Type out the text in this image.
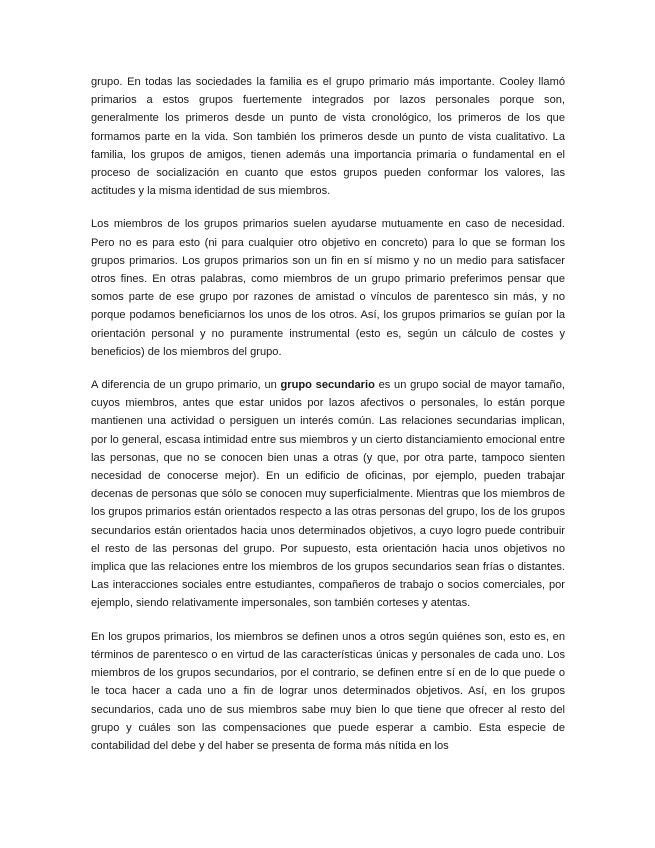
grupo. En todas las sociedades la familia es el grupo primario más importante. Cooley llamó primarios a estos grupos fuertemente integrados por lazos personales porque son, generalmente los primeros desde un punto de vista cronológico, los primeros de los que formamos parte en la vida. Son también los primeros desde un punto de vista cualitativo. La familia, los grupos de amigos, tienen además una importancia primaria o fundamental en el proceso de socialización en cuanto que estos grupos pueden conformar los valores, las actitudes y la misma identidad de sus miembros.

Los miembros de los grupos primarios suelen ayudarse mutuamente en caso de necesidad. Pero no es para esto (ni para cualquier otro objetivo en concreto) para lo que se forman los grupos primarios. Los grupos primarios son un fin en sí mismo y no un medio para satisfacer otros fines. En otras palabras, como miembros de un grupo primario preferimos pensar que somos parte de ese grupo por razones de amistad o vínculos de parentesco sin más, y no porque podamos beneficiarnos los unos de los otros. Así, los grupos primarios se guían por la orientación personal y no puramente instrumental (esto es, según un cálculo de costes y beneficios) de los miembros del grupo.

A diferencia de un grupo primario, un grupo secundario es un grupo social de mayor tamaño, cuyos miembros, antes que estar unidos por lazos afectivos o personales, lo están porque mantienen una actividad o persiguen un interés común. Las relaciones secundarias implican, por lo general, escasa intimidad entre sus miembros y un cierto distanciamiento emocional entre las personas, que no se conocen bien unas a otras (y que, por otra parte, tampoco sienten necesidad de conocerse mejor). En un edificio de oficinas, por ejemplo, pueden trabajar decenas de personas que sólo se conocen muy superficialmente. Mientras que los miembros de los grupos primarios están orientados respecto a las otras personas del grupo, los de los grupos secundarios están orientados hacia unos determinados objetivos, a cuyo logro puede contribuir el resto de las personas del grupo. Por supuesto, esta orientación hacia unos objetivos no implica que las relaciones entre los miembros de los grupos secundarios sean frías o distantes. Las interacciones sociales entre estudiantes, compañeros de trabajo o socios comerciales, por ejemplo, siendo relativamente impersonales, son también corteses y atentas.

En los grupos primarios, los miembros se definen unos a otros según quiénes son, esto es, en términos de parentesco o en virtud de las características únicas y personales de cada uno. Los miembros de los grupos secundarios, por el contrario, se definen entre sí en de lo que puede o le toca hacer a cada uno a fin de lograr unos determinados objetivos. Así, en los grupos secundarios, cada uno de sus miembros sabe muy bien lo que tiene que ofrecer al resto del grupo y cuáles son las compensaciones que puede esperar a cambio. Esta especie de contabilidad del debe y del haber se presenta de forma más nítida en los
